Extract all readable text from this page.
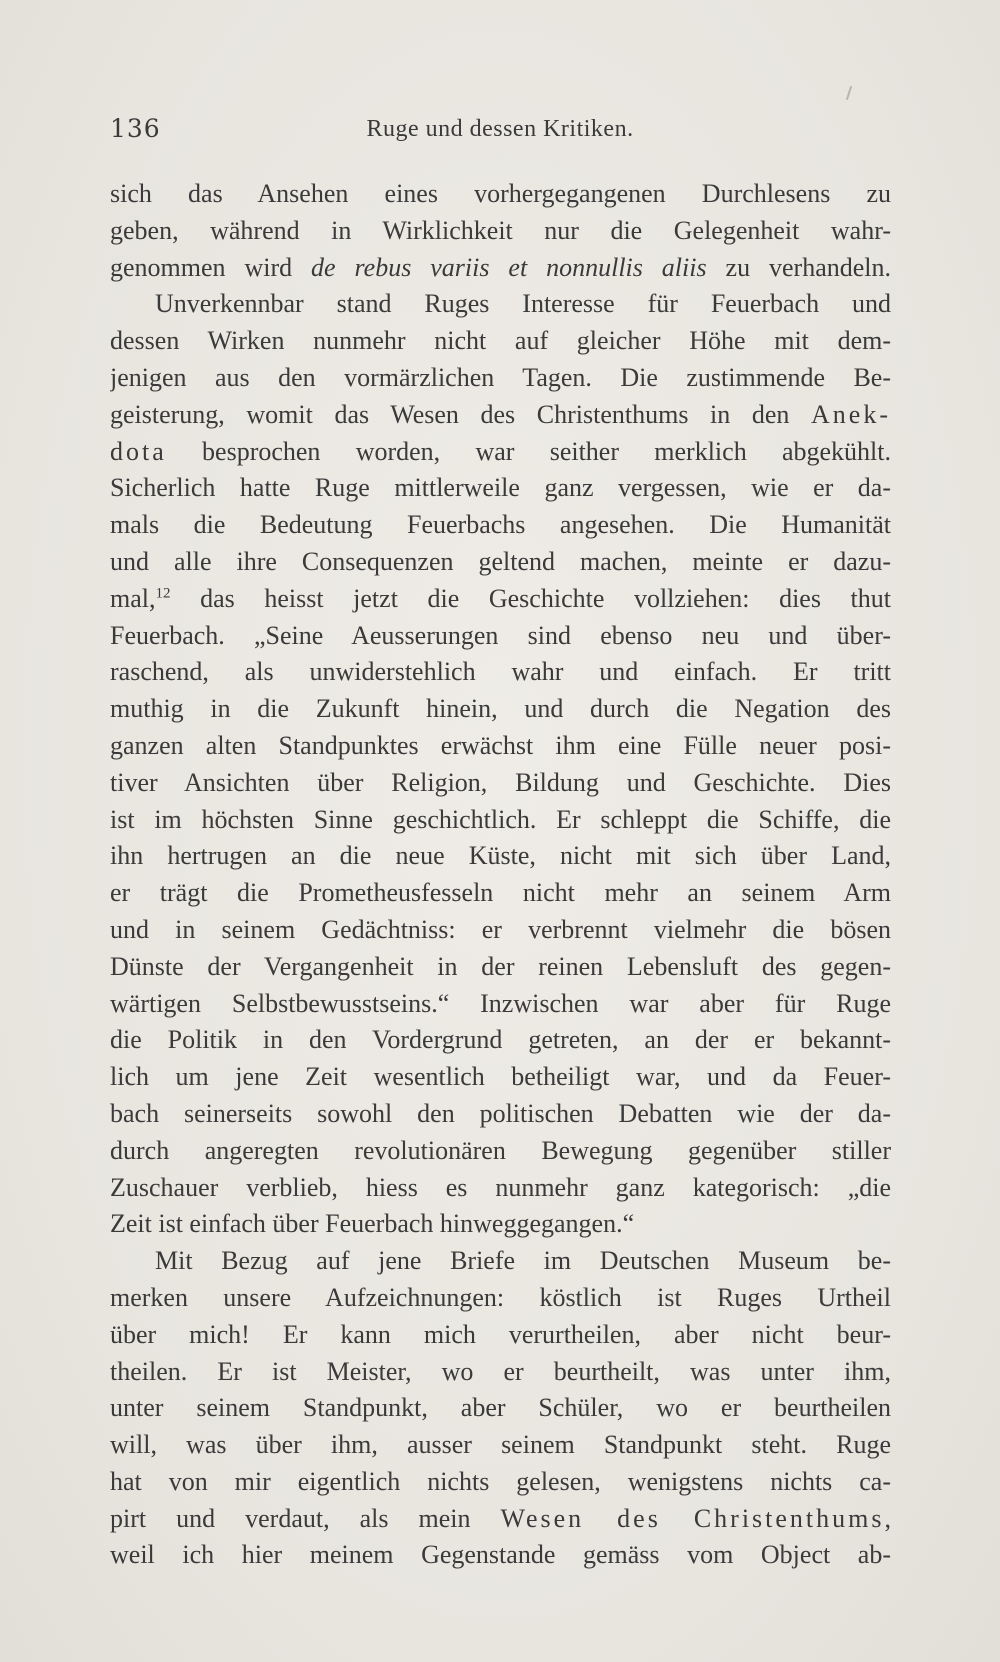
136	Ruge und dessen Kritiken.
sich das Ansehen eines vorhergegangenen Durchlesens zu
geben, während in Wirklichkeit nur die Gelegenheit wahr-
genommen wird de rebus variis et nonnullis aliis zu verhandeln.
Unverkennbar stand Ruges Interesse für Feuerbach und
dessen Wirken nunmehr nicht auf gleicher Höhe mit dem-
jenigen aus den vormärzlichen Tagen. Die zustimmende Be-
geisterung, womit das Wesen des Christenthums in den Anek-
dota besprochen worden, war seither merklich abgekühlt.
Sicherlich hatte Ruge mittlerweile ganz vergessen, wie er da-
mals die Bedeutung Feuerbachs angesehen. Die Humanität
und alle ihre Consequenzen geltend machen, meinte er dazu-
mal,$^{12}$ das heisst jetzt die Geschichte vollziehen: dies thut
Feuerbach. „Seine Aeusserungen sind ebenso neu und über-
raschend, als unwiderstehlich wahr und einfach. Er tritt
muthig in die Zukunft hinein, und durch die Negation des
ganzen alten Standpunktes erwächst ihm eine Fülle neuer posi-
tiver Ansichten über Religion, Bildung und Geschichte. Dies
ist im höchsten Sinne geschichtlich. Er schleppt die Schiffe, die
ihn hertrugen an die neue Küste, nicht mit sich über Land,
er trägt die Prometheusfesseln nicht mehr an seinem Arm
und in seinem Gedächtniss: er verbrennt vielmehr die bösen
Dünste der Vergangenheit in der reinen Lebensluft des gegen-
wärtigen Selbstbewusstseins.“ Inzwischen war aber für Ruge
die Politik in den Vordergrund getreten, an der er bekannt-
lich um jene Zeit wesentlich betheiligt war, und da Feuer-
bach seinerseits sowohl den politischen Debatten wie der da-
durch angeregten revolutionären Bewegung gegenüber stiller
Zuschauer verblieb, hiess es nunmehr ganz kategorisch: „die
Zeit ist einfach über Feuerbach hinweggegangen.“
Mit Bezug auf jene Briefe im Deutschen Museum be-
merken unsere Aufzeichnungen: köstlich ist Ruges Urtheil
über mich! Er kann mich verurtheilen, aber nicht beur-
theilen. Er ist Meister, wo er beurtheilt, was unter ihm,
unter seinem Standpunkt, aber Schüler, wo er beurtheilen
will, was über ihm, ausser seinem Standpunkt steht. Ruge
hat von mir eigentlich nichts gelesen, wenigstens nichts ca-
pirt und verdaut, als mein Wesen des Christenthums,
weil ich hier meinem Gegenstande gemäss vom Object ab-
